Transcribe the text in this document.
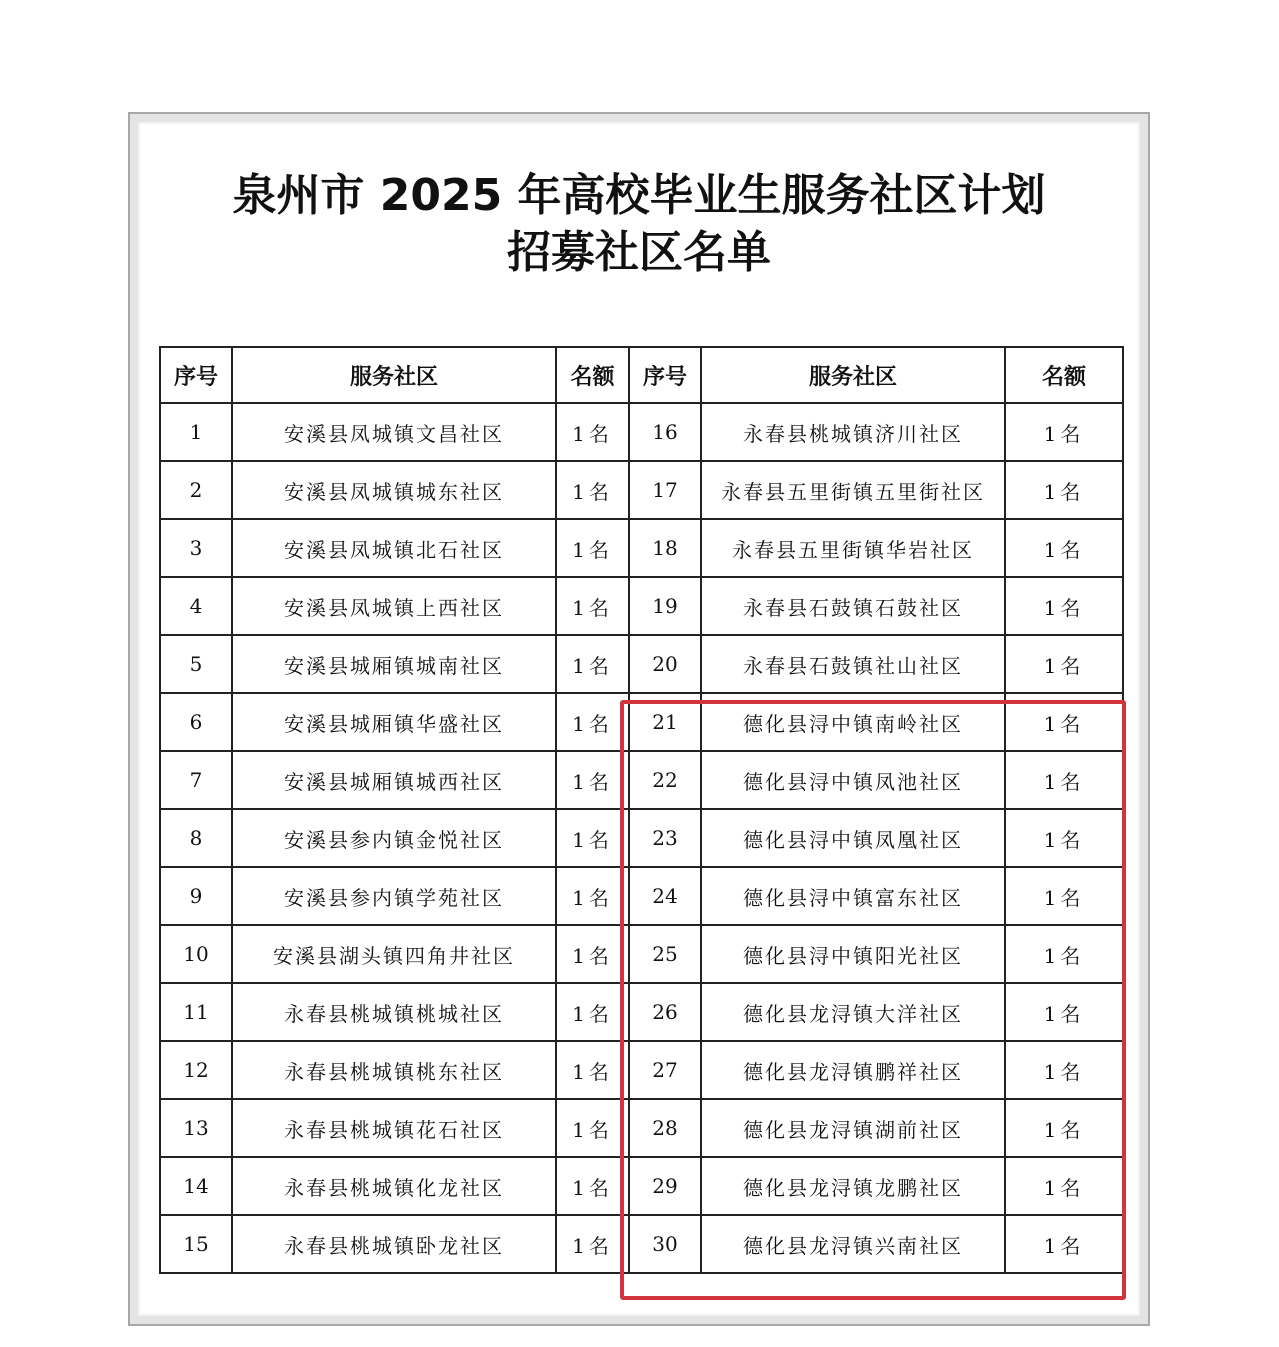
泉州市 2025 年高校毕业生服务社区计划
招募社区名单
序号	服务社区	名额	序号	服务社区	名额
1	安溪县凤城镇文昌社区	1名	16	永春县桃城镇济川社区	1名
2	安溪县凤城镇城东社区	1名	17	永春县五里街镇五里街社区	1名
3	安溪县凤城镇北石社区	1名	18	永春县五里街镇华岩社区	1名
4	安溪县凤城镇上西社区	1名	19	永春县石鼓镇石鼓社区	1名
5	安溪县城厢镇城南社区	1名	20	永春县石鼓镇社山社区	1名
6	安溪县城厢镇华盛社区	1名	21	德化县浔中镇南岭社区	1名
7	安溪县城厢镇城西社区	1名	22	德化县浔中镇凤池社区	1名
8	安溪县参内镇金悦社区	1名	23	德化县浔中镇凤凰社区	1名
9	安溪县参内镇学苑社区	1名	24	德化县浔中镇富东社区	1名
10	安溪县湖头镇四角井社区	1名	25	德化县浔中镇阳光社区	1名
11	永春县桃城镇桃城社区	1名	26	德化县龙浔镇大洋社区	1名
12	永春县桃城镇桃东社区	1名	27	德化县龙浔镇鹏祥社区	1名
13	永春县桃城镇花石社区	1名	28	德化县龙浔镇湖前社区	1名
14	永春县桃城镇化龙社区	1名	29	德化县龙浔镇龙鹏社区	1名
15	永春县桃城镇卧龙社区	1名	30	德化县龙浔镇兴南社区	1名
